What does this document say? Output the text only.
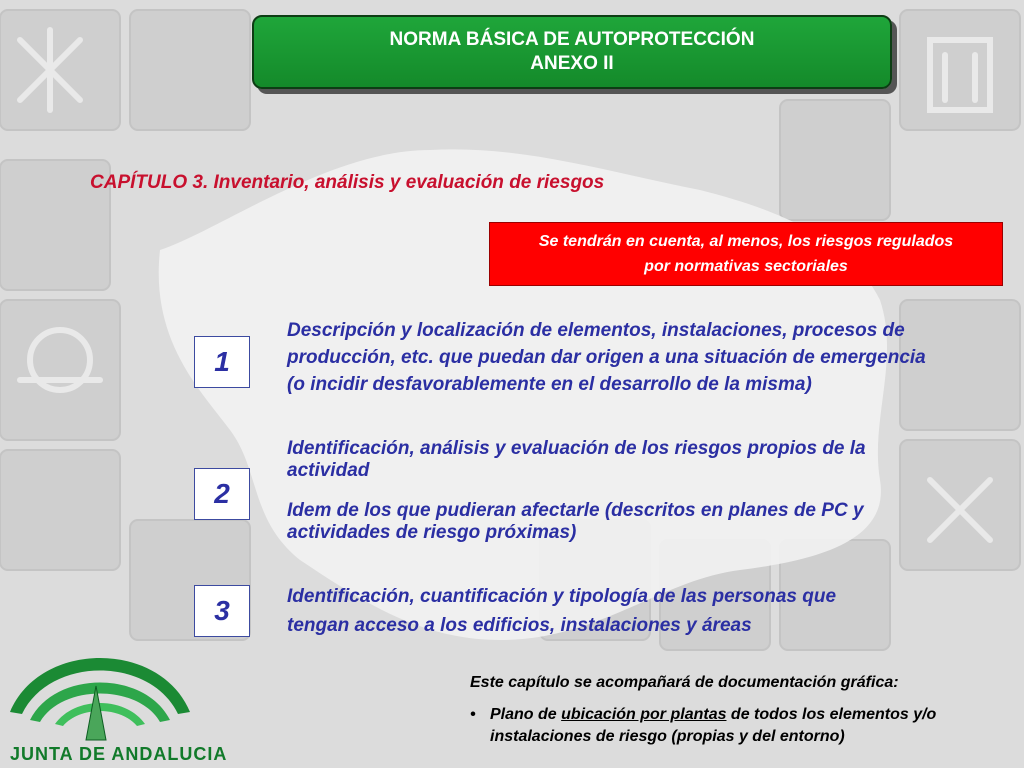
NORMA BÁSICA DE AUTOPROTECCIÓN
ANEXO II
CAPÍTULO 3. Inventario, análisis y evaluación de riesgos
Se tendrán en cuenta, al menos, los riesgos regulados
por normativas sectoriales
1

Descripción y localización de elementos, instalaciones, procesos de

producción, etc. que puedan dar origen a una situación de emergencia

(o incidir desfavorablemente en el desarrollo de la misma)

2

Identificación, análisis y evaluación de los riesgos propios de la

actividad

Idem de los que pudieran afectarle (descritos en planes de PC y

actividades de riesgo próximas)

3	Identificación, cuantificación y tipología de las personas que

tengan acceso a los edificios, instalaciones y áreas

Este capítulo se acompañará de documentación gráfica:
• Plano de ubicación por plantas de todos los elementos y/o
instalaciones de riesgo (propias y del entorno)
JUNTA DE ANDALUCIA
